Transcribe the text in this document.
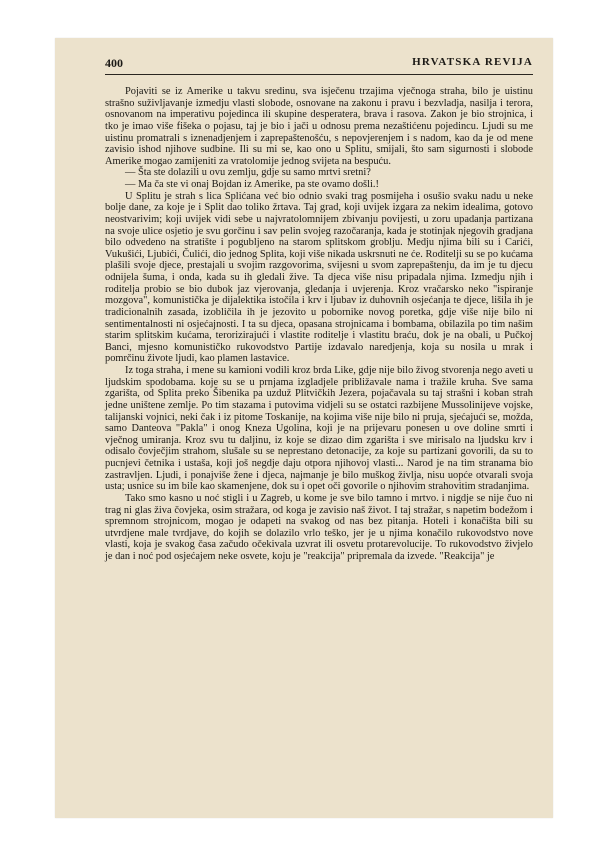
400	HRVATSKA REVIJA

Pojaviti se iz Amerike u takvu sredinu, sva isječenu trzajima vječnoga straha, bilo je uistinu strašno suživljavanje izmedju vlasti slobode, osnovane na zakonu i pravu i bezvladja, nasilja i terora, osnovanom na imperativu pojedinca ili skupine desperatera, brava i rasova. Zakon je bio strojnica, i tko je imao više fišeka o pojasu, taj je bio i jači u odnosu prema nezaštićenu pojedincu. Ljudi su me uistinu promatrali s iznenadjenjem i zaprepaštenošću, s nepovjerenjem i s nadom, kao da je od mene zavisio ishod njihove sudbine. Ili su mi se, kao ono u Splitu, smijali, što sam sigurnosti i slobode Amerike mogao zamijeniti za vratolomije jednog svijeta na bespuću.

— Šta ste dolazili u ovu zemlju, gdje su samo mrtvi sretni?

— Ma ča ste vi onaj Bojdan iz Amerike, pa ste ovamo došli.!

U Splitu je strah s lica Splićana već bio odnio svaki trag posmijeha i osušio svaku nadu u neke bolje dane, za koje je i Split dao toliko žrtava. Taj grad, koji uvijek izgara za nekim idealima, gotovo neostvarivim; koji uvijek vidi sebe u najvratolomnijem zbivanju povijesti, u zoru upadanja partizana na svoje ulice osjetio je svu gorčinu i sav pelin svojeg razočaranja, kada je stotinjak njegovih gradjana bilo odvedeno na stratište i pogubljeno na starom splitskom groblju. Medju njima bili su i Carići, Vukušići, Ljubići, Čulići, dio jednog Splita, koji više nikada uskrsnuti ne će. Roditelji su se po kućama plašili svoje djece, prestajali u svojim razgovorima, svijesni u svom zaprepaštenju, da im je tu djecu odnijela šuma, i onda, kada su ih gledali žive. Ta djeca više nisu pripadala njima. Izmedju njih i roditelja probio se bio dubok jaz vjerovanja, gledanja i uvjerenja. Kroz vračarsko neko "ispiranje mozgova", komunistička je dijalektika istočila i krv i ljubav iz duhovnih osjećanja te djece, lišila ih je tradicionalnih zasada, izobličila ih je jezovito u pobornike novog poretka, gdje više nije bilo ni sentimentalnosti ni osjećajnosti. I ta su djeca, opasana strojnicama i bombama, obilazila po tim našim starim splitskim kućama, terorizirajući i vlastite roditelje i vlastitu braću, dok je na obali, u Pučkoj Banci, mjesno komunističko rukovodstvo Partije izdavalo naredjenja, koja su nosila u mrak i pomrčinu živote ljudi, kao plamen lastavice.

Iz toga straha, i mene su kamioni vodili kroz brda Like, gdje nije bilo živog stvorenja nego aveti u ljudskim spodobama. koje su se u prnjama izgladjele približavale nama i tražile kruha. Sve sama zgarišta, od Splita preko Šibenika pa uzduž Plitvičkih Jezera, pojačavala su taj strašni i koban strah jedne uništene zemlje. Po tim stazama i putovima vidjeli su se ostatci razbijene Mussolinijeve vojske, talijanski vojnici, neki čak i iz pitome Toskanije, na kojima više nije bilo ni pruja, sjećajući se, možda, samo Danteova "Pakla" i onog Kneza Ugolina, koji je na prijevaru ponesen u ove doline smrti i vječnog umiranja. Kroz svu tu daljinu, iz koje se dizao dim zgarišta i sve mirisalo na ljudsku krv i odisalo čovječjim strahom, slušale su se neprestano detonacije, za koje su partizani govorili, da su to pucnjevi četnika i ustaša, koji još negdje daju otpora njihovoj vlasti... Narod je na tim stranama bio zastravljen. Ljudi, i ponajviše žene i djeca, najmanje je bilo muškog življa, nisu uopće otvarali svoja usta; usnice su im bile kao skamenjene, dok su i opet oči govorile o njihovim strahovitim stradanjima.

Tako smo kasno u noć stigli i u Zagreb, u kome je sve bilo tamno i mrtvo. i nigdje se nije čuo ni trag ni glas živa čovjeka, osim stražara, od koga je zavisio naš život. I taj stražar, s napetim bodežom i spremnom strojnicom, mogao je odapeti na svakog od nas bez pitanja. Hoteli i konačišta bili su utvrdjene male tvrdjave, do kojih se dolazilo vrlo teško, jer je u njima konačilo rukovodstvo nove vlasti, koja je svakog časa začudo očekivala uzvrat ili osvetu protarevolucije. To rukovodstvo živjelo je dan i noć pod osjećajem neke osvete, koju je "reakcija" pripremala da izvede. "Reakcija" je
